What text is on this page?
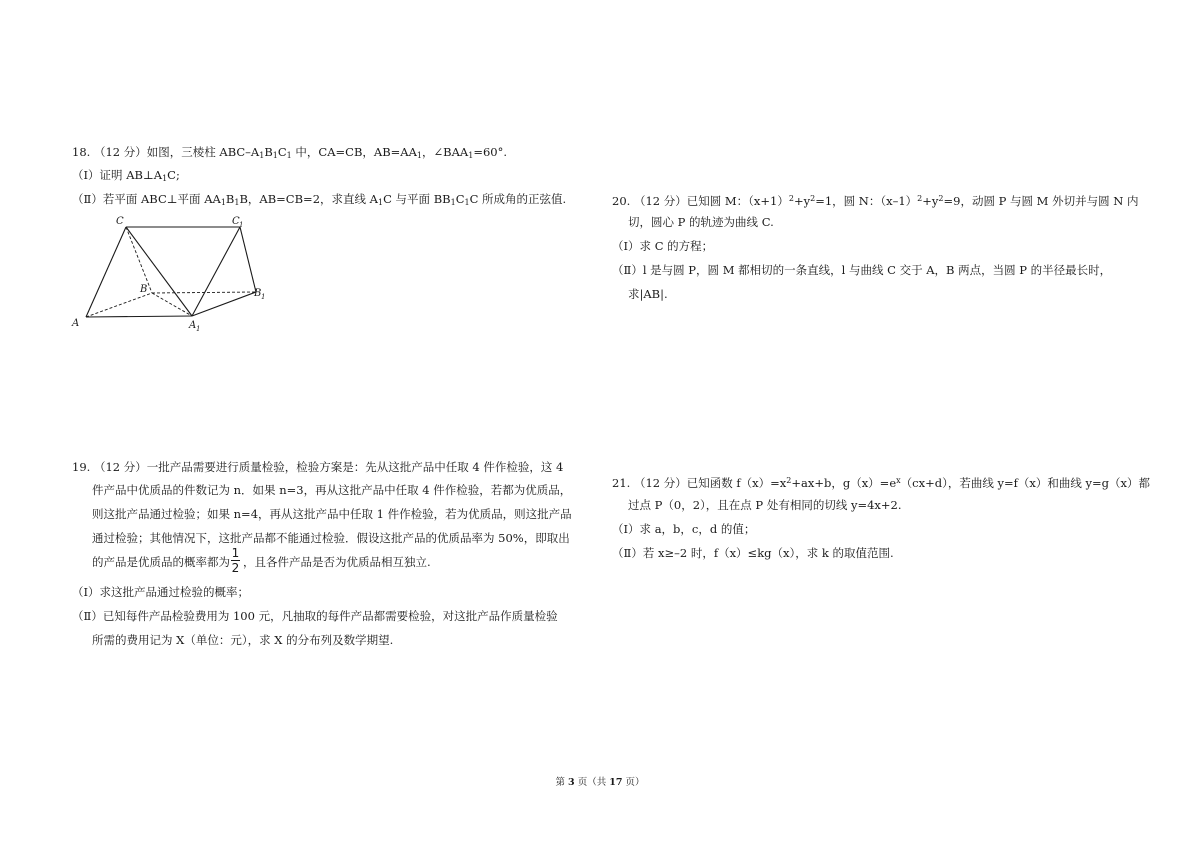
18. （12 分）如图，三棱柱 ABC–$A_1B_1C_1$ 中，CA=CB，$AB=AA_1$，$\angle BAA_1=60^\circ$.
（Ⅰ）证明 $AB\perp A_1C$;
（Ⅱ）若平面 ABC⊥平面 $AA_1B_1B$，AB=CB=2，求直线 $A_1C$ 与平面 $BB_1C_1C$ 所成角的正弦值.
C	C 1
B	B 1
A	A 1
19. （12 分）一批产品需要进行质量检验，检验方案是：先从这批产品中任取 4 件作检验，这 4
件产品中优质品的件数记为 n．如果 n=3，再从这批产品中任取 4 件作检验，若都为优质品，
则这批产品通过检验；如果 n=4，再从这批产品中任取 1 件作检验，若为优质品，则这批产品
通过检验；其他情况下，这批产品都不能通过检验．假设这批产品的优质品率为 50%，即取出
的产品是优质品的概率都为 ，且各件产品是否为优质品相互独立.
1
2
（Ⅰ）求这批产品通过检验的概率；
（Ⅱ）已知每件产品检验费用为 100 元，凡抽取的每件产品都需要检验，对这批产品作质量检验
所需的费用记为 X（单位：元），求 X 的分布列及数学期望.
20. （12 分）已知圆 M：$(x+1)^2+y^2=1$，圆 N：$(x-1)^2+y^2=9$，动圆 P 与圆 M 外切并与圆 N 内
切，圆心 P 的轨迹为曲线 C.
（Ⅰ）求 C 的方程；
（Ⅱ）l 是与圆 P，圆 M 都相切的一条直线，l 与曲线 C 交于 A，B 两点，当圆 P 的半径最长时，
求|AB|.
21. （12 分）已知函数 $f(x)=x^2+ax+b$，$g(x)=e^x(cx+d)$，若曲线 y=f（x）和曲线 y=g（x）都
过点 P（0，2），且在点 P 处有相同的切线 y=4x+2.
（Ⅰ）求 a，b，c，d 的值；
（Ⅱ）若 x≥–2 时，f（x）≤kg（x），求 k 的取值范围.
第 3 页（共 17 页）
